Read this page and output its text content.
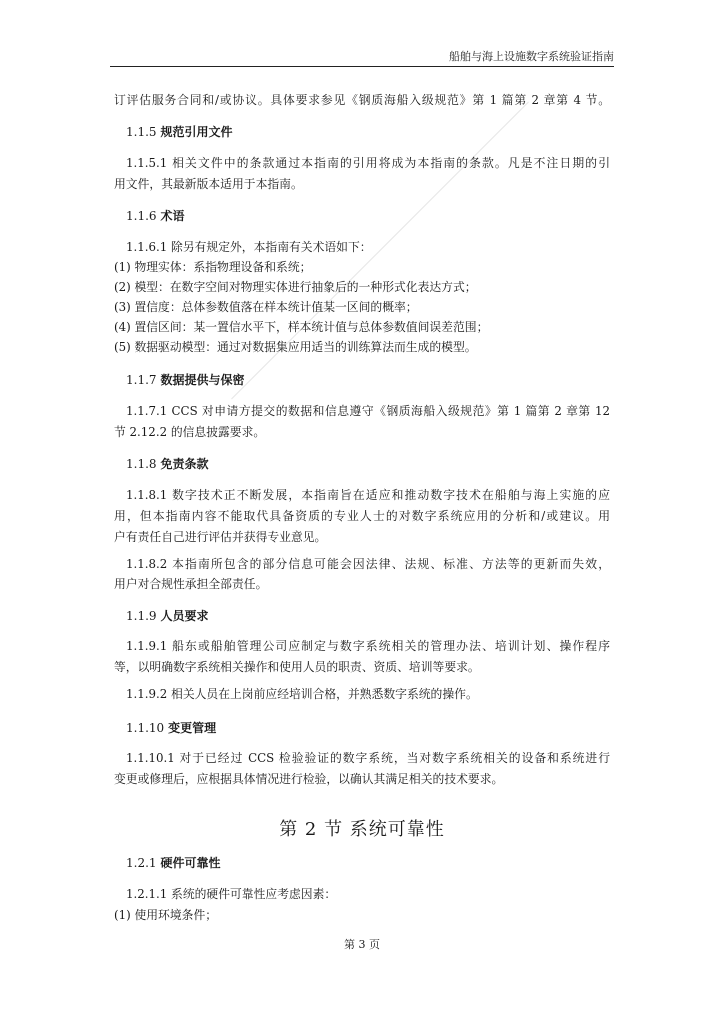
船舶与海上设施数字系统验证指南
订评估服务合同和/或协议。具体要求参见《钢质海船入级规范》第 1 篇第 2 章第 4 节。
1.1.5 规范引用文件
1.1.5.1 相关文件中的条款通过本指南的引用将成为本指南的条款。凡是不注日期的引
用文件，其最新版本适用于本指南。
1.1.6 术语
1.1.6.1 除另有规定外，本指南有关术语如下：
(1) 物理实体：系指物理设备和系统；
(2) 模型：在数字空间对物理实体进行抽象后的一种形式化表达方式；
(3) 置信度：总体参数值落在样本统计值某一区间的概率；
(4) 置信区间：某一置信水平下，样本统计值与总体参数值间误差范围；
(5) 数据驱动模型：通过对数据集应用适当的训练算法而生成的模型。
1.1.7 数据提供与保密
1.1.7.1 CCS 对申请方提交的数据和信息遵守《钢质海船入级规范》第 1 篇第 2 章第 12
节 2.12.2 的信息披露要求。
1.1.8 免责条款
1.1.8.1 数字技术正不断发展，本指南旨在适应和推动数字技术在船舶与海上实施的应
用，但本指南内容不能取代具备资质的专业人士的对数字系统应用的分析和/或建议。用
户有责任自己进行评估并获得专业意见。
1.1.8.2 本指南所包含的部分信息可能会因法律、法规、标准、方法等的更新而失效，
用户对合规性承担全部责任。
1.1.9 人员要求
1.1.9.1 船东或船舶管理公司应制定与数字系统相关的管理办法、培训计划、操作程序
等，以明确数字系统相关操作和使用人员的职责、资质、培训等要求。
1.1.9.2 相关人员在上岗前应经培训合格，并熟悉数字系统的操作。
1.1.10 变更管理
1.1.10.1 对于已经过 CCS 检验验证的数字系统，当对数字系统相关的设备和系统进行
变更或修理后，应根据具体情况进行检验，以确认其满足相关的技术要求。
第 2 节 系统可靠性
1.2.1 硬件可靠性
1.2.1.1 系统的硬件可靠性应考虑因素：
(1) 使用环境条件；
第 3 页
